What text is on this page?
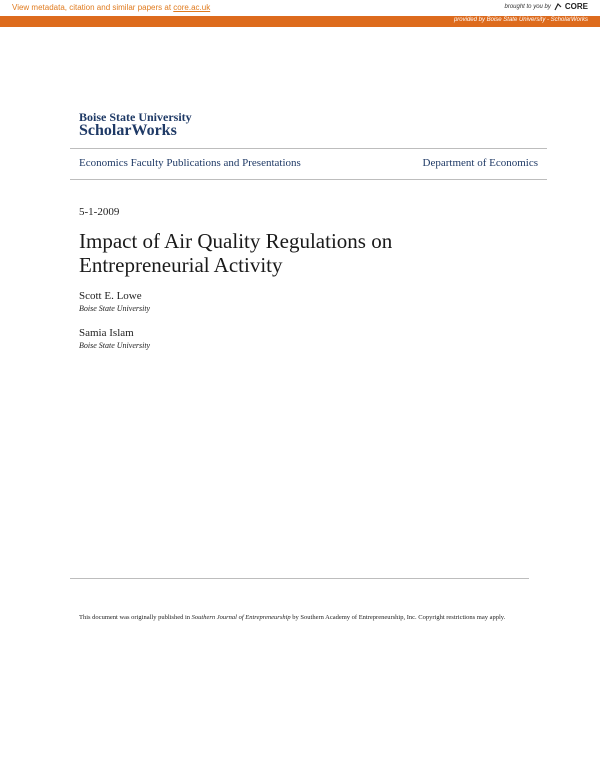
View metadata, citation and similar papers at core.ac.uk	brought to you by CORE
provided by Boise State University - ScholarWorks
Boise State University
ScholarWorks
Economics Faculty Publications and Presentations	Department of Economics
5-1-2009
Impact of Air Quality Regulations on
Entrepreneurial Activity
Scott E. Lowe
Boise State University
Samia Islam
Boise State University
This document was originally published in Southern Journal of Entrepreneurship by Southern Academy of Entrepreneurship, Inc. Copyright restrictions may apply.
